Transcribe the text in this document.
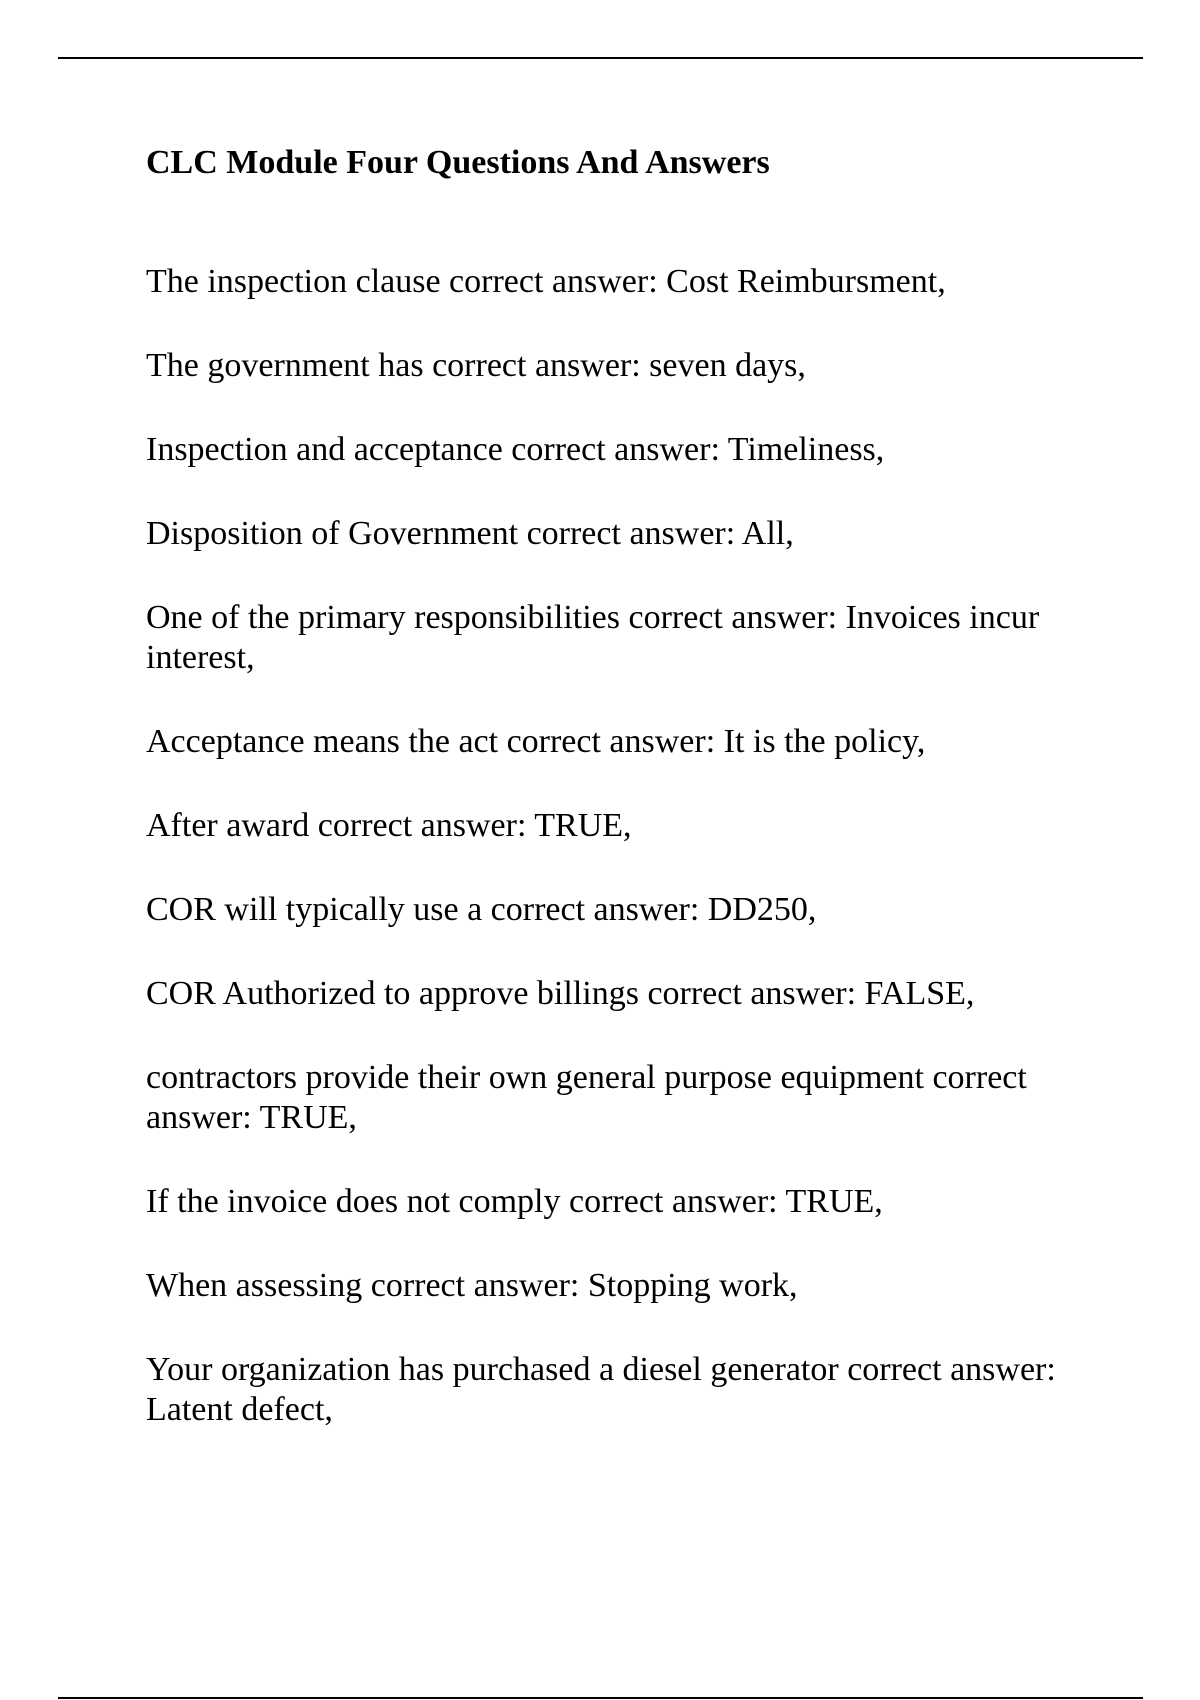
CLC Module Four Questions And Answers
The inspection clause correct answer: Cost Reimbursment,
The government has correct answer: seven days,
Inspection and acceptance correct answer: Timeliness,
Disposition of Government correct answer: All,
One of the primary responsibilities correct answer: Invoices incur interest,
Acceptance means the act correct answer: It is the policy,
After award correct answer: TRUE,
COR will typically use a correct answer: DD250,
COR Authorized to approve billings correct answer: FALSE,
contractors provide their own general purpose equipment correct answer: TRUE,
If the invoice does not comply correct answer: TRUE,
When assessing correct answer: Stopping work,
Your organization has purchased a diesel generator correct answer: Latent defect,
